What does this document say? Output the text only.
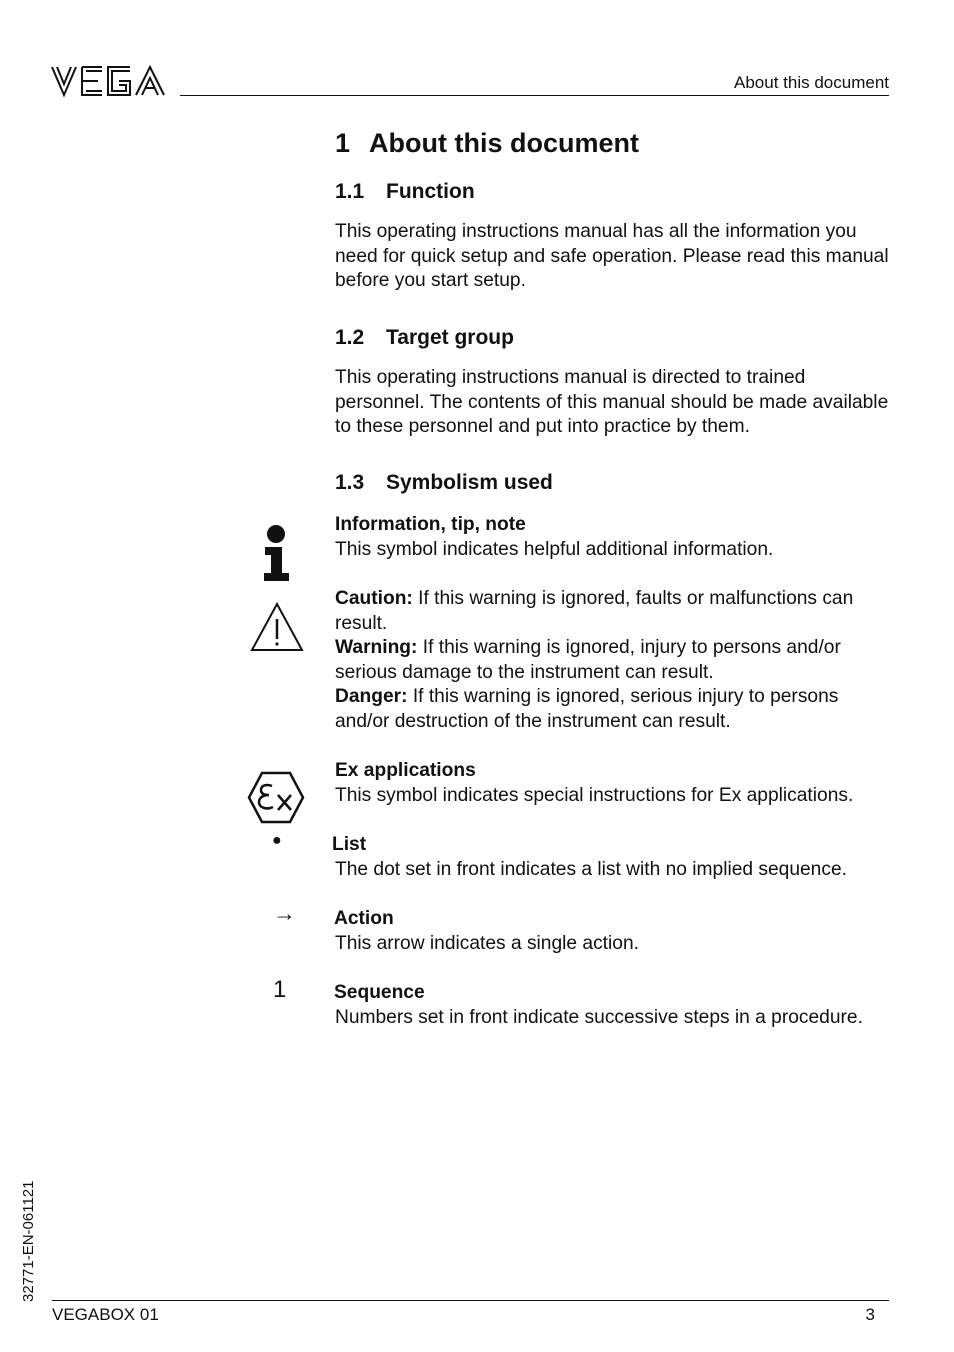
About this document
1 About this document
1.1 Function

This operating instructions manual has all the information you need for quick setup and safe operation. Please read this manual before you start setup.

1.2 Target group

This operating instructions manual is directed to trained personnel. The contents of this manual should be made available to these personnel and put into practice by them.

1.3 Symbolism used
Information, tip, note
This symbol indicates helpful additional information.
Caution: If this warning is ignored, faults or malfunctions can result.
Warning: If this warning is ignored, injury to persons and/or serious damage to the instrument can result.
Danger: If this warning is ignored, serious injury to persons and/or destruction of the instrument can result.
Ex applications
This symbol indicates special instructions for Ex applications.
●	List
The dot set in front indicates a list with no implied sequence.
→ Action
This arrow indicates a single action.
1 Sequence
Numbers set in front indicate successive steps in a procedure.
32771-EN-061121
VEGABOX 01	3
